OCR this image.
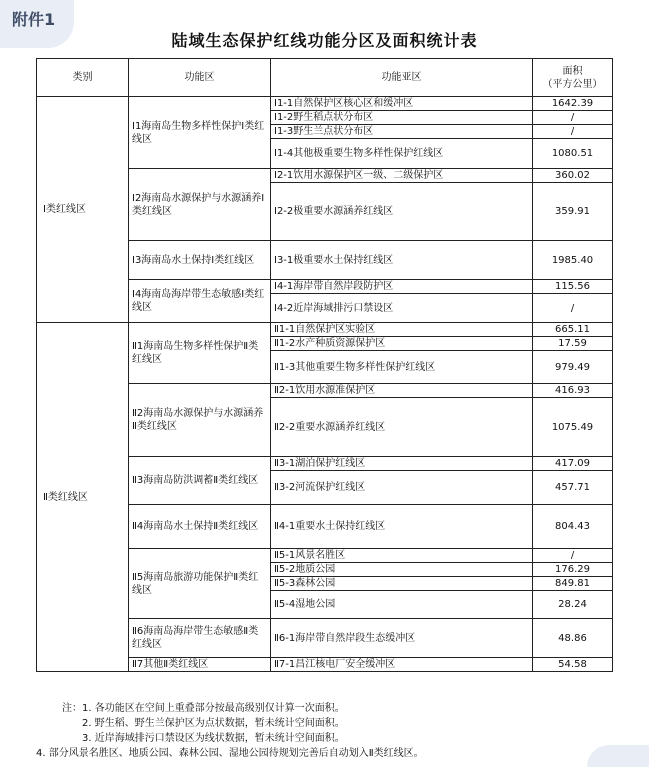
附件1
陆域生态保护红线功能分区及面积统计表
类别	功能区	功能亚区	面积
（平方公里）

Ⅰ类红线区	Ⅰ1海南岛生物多样性保护Ⅰ类红线区	Ⅰ1-1自然保护区核心区和缓冲区	1642.39
		Ⅰ1-2野生稻点状分布区	/
		Ⅰ1-3野生兰点状分布区	/
		Ⅰ1-4其他极重要生物多样性保护红线区	1080.51
	Ⅰ2海南岛水源保护与水源涵养Ⅰ类红线区	Ⅰ2-1饮用水源保护区一级、二级保护区	360.02
		Ⅰ2-2极重要水源涵养红线区	359.91
	Ⅰ3海南岛水土保持Ⅰ类红线区	Ⅰ3-1极重要水土保持红线区	1985.40
	Ⅰ4海南岛海岸带生态敏感Ⅰ类红线区	Ⅰ4-1海岸带自然岸段防护区	115.56
		Ⅰ4-2近岸海域排污口禁设区	/
Ⅱ类红线区	Ⅱ1海南岛生物多样性保护Ⅱ类红线区	Ⅱ1-1自然保护区实验区	665.11
		Ⅱ1-2水产种质资源保护区	17.59
		Ⅱ1-3其他重要生物多样性保护红线区	979.49
	Ⅱ2海南岛水源保护与水源涵养Ⅱ类红线区	Ⅱ2-1饮用水源准保护区	416.93
		Ⅱ2-2重要水源涵养红线区	1075.49
	Ⅱ3海南岛防洪调蓄Ⅱ类红线区	Ⅱ3-1湖泊保护红线区	417.09
		Ⅱ3-2河流保护红线区	457.71
	Ⅱ4海南岛水土保持Ⅱ类红线区	Ⅱ4-1重要水土保持红线区	804.43
	Ⅱ5海南岛旅游功能保护Ⅱ类红线区	Ⅱ5-1风景名胜区	/
		Ⅱ5-2地质公园	176.29
		Ⅱ5-3森林公园	849.81
		Ⅱ5-4湿地公园	28.24
	Ⅱ6海南岛海岸带生态敏感Ⅱ类红线区	Ⅱ6-1海岸带自然岸段生态缓冲区	48.86
	Ⅱ7其他Ⅱ类红线区	Ⅱ7-1昌江核电厂安全缓冲区	54.58
注：1. 各功能区在空间上重叠部分按最高级别仅计算一次面积。
2. 野生稻、野生兰保护区为点状数据，暂未统计空间面积。
3. 近岸海域排污口禁设区为线状数据，暂未统计空间面积。
4. 部分风景名胜区、地质公园、森林公园、湿地公园待规划完善后自动划入Ⅱ类红线区。
